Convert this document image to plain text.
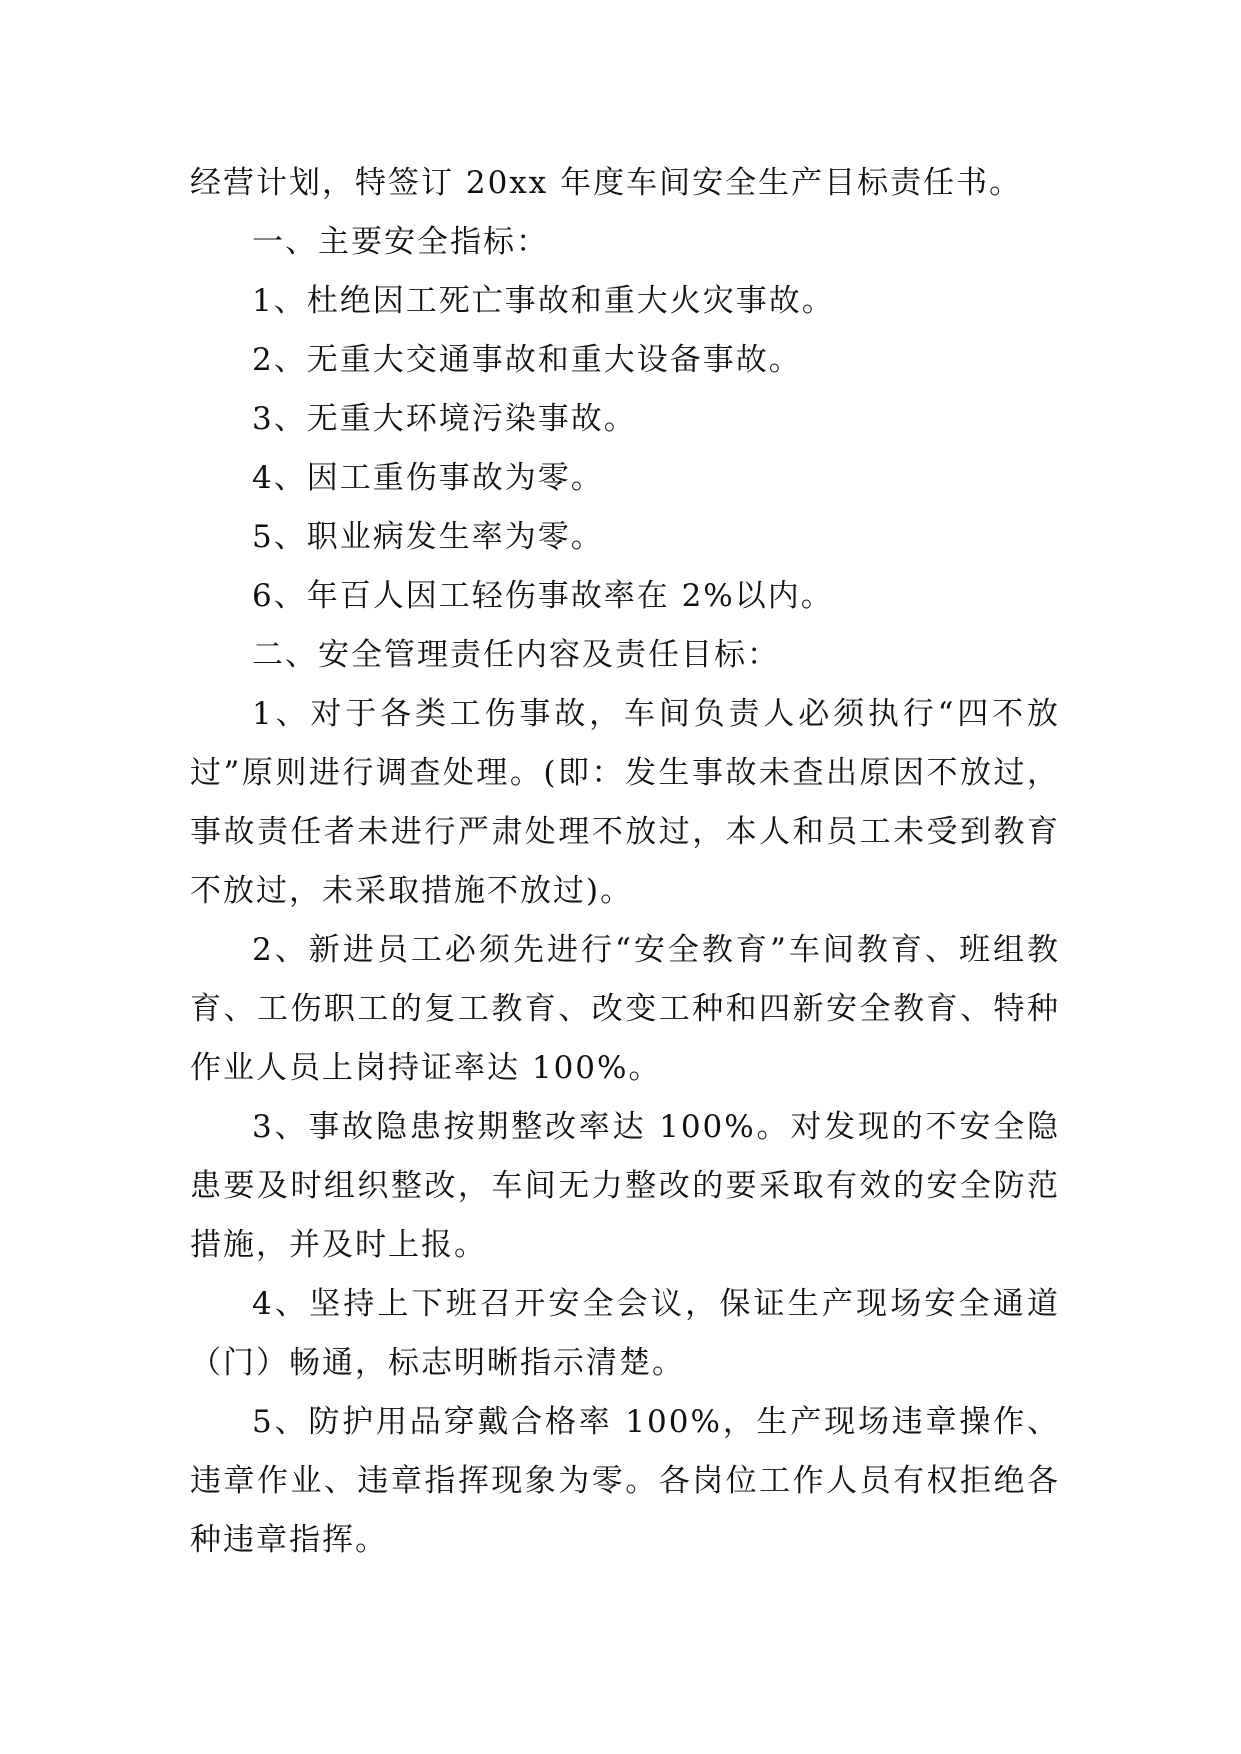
经营计划，特签订 20xx 年度车间安全生产目标责任书。

一、主要安全指标：

1、杜绝因工死亡事故和重大火灾事故。

2、无重大交通事故和重大设备事故。

3、无重大环境污染事故。

4、因工重伤事故为零。

5、职业病发生率为零。

6、年百人因工轻伤事故率在 2%以内。

二、安全管理责任内容及责任目标：

1、对于各类工伤事故，车间负责人必须执行“四不放过”原则进行调查处理。(即：发生事故未查出原因不放过，事故责任者未进行严肃处理不放过，本人和员工未受到教育不放过，未采取措施不放过)。

2、新进员工必须先进行“安全教育”车间教育、班组教育、工伤职工的复工教育、改变工种和四新安全教育、特种作业人员上岗持证率达 100%。

3、事故隐患按期整改率达 100%。对发现的不安全隐患要及时组织整改，车间无力整改的要采取有效的安全防范措施，并及时上报。

4、坚持上下班召开安全会议，保证生产现场安全通道（门）畅通，标志明晰指示清楚。

5、防护用品穿戴合格率 100%，生产现场违章操作、违章作业、违章指挥现象为零。各岗位工作人员有权拒绝各种违章指挥。
